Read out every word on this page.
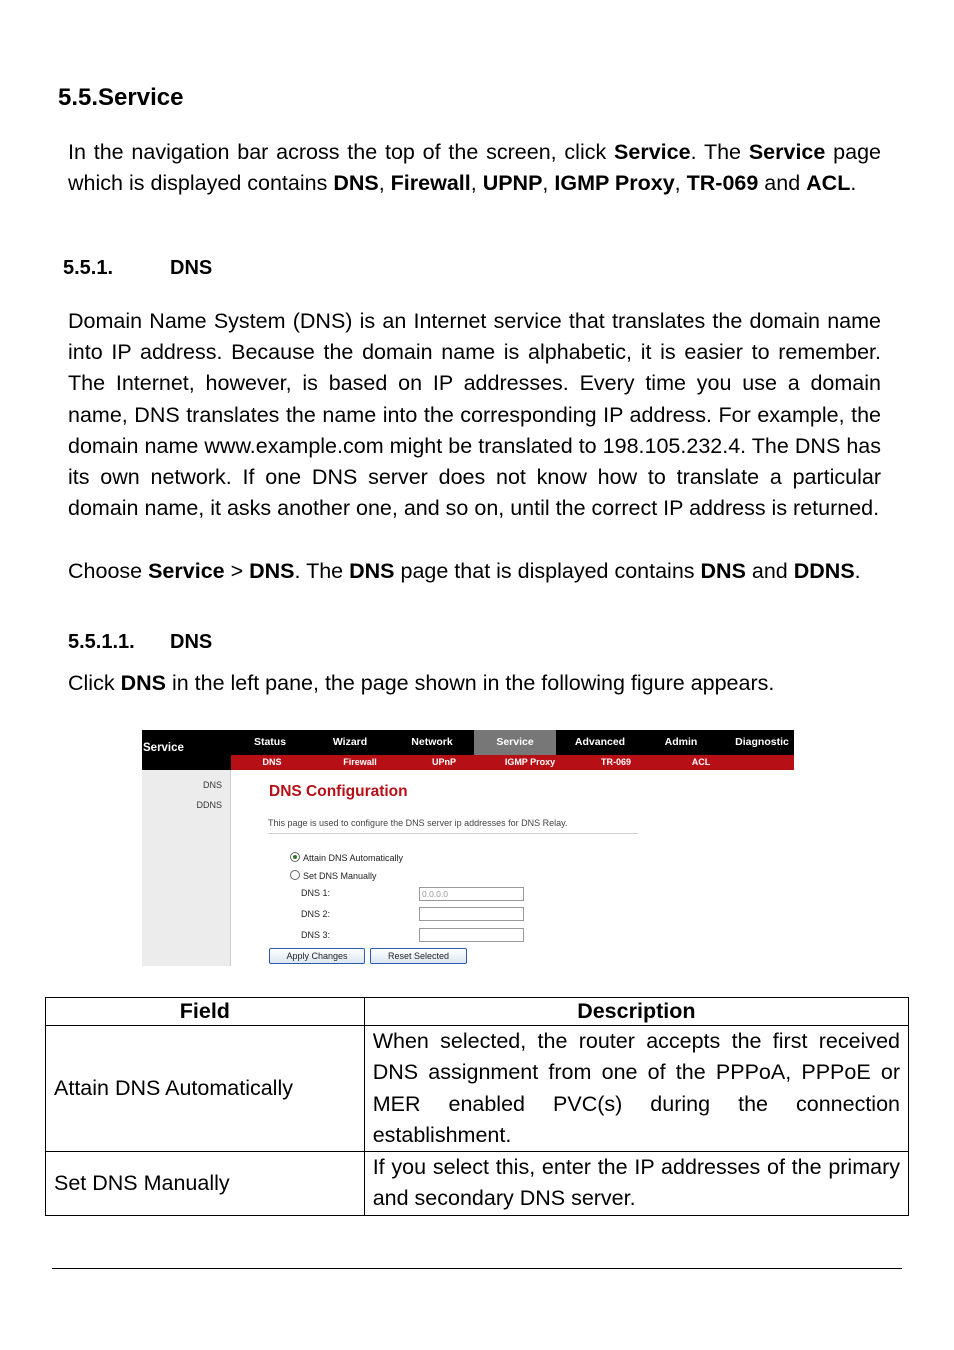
5.5.Service
In the navigation bar across the top of the screen, click Service. The Service page which is displayed contains DNS, Firewall, UPNP, IGMP Proxy, TR-069 and ACL.
5.5.1.	DNS
Domain Name System (DNS) is an Internet service that translates the domain name into IP address. Because the domain name is alphabetic, it is easier to remember. The Internet, however, is based on IP addresses. Every time you use a domain name, DNS translates the name into the corresponding IP address. For example, the domain name www.example.com might be translated to 198.105.232.4. The DNS has its own network. If one DNS server does not know how to translate a particular domain name, it asks another one, and so on, until the correct IP address is returned.
Choose Service > DNS. The DNS page that is displayed contains DNS and DDNS.
5.5.1.1. DNS
Click DNS in the left pane, the page shown in the following figure appears.
Service	Status	Wizard	Network	Service	Advanced	Admin	Diagnostic
DNS	Firewall	UPnP	IGMP Proxy	TR-069	ACL
DNS
DDNS
DNS Configuration
This page is used to configure the DNS server ip addresses for DNS Relay.
Attain DNS Automatically
Set DNS Manually
DNS 1:	0.0.0.0
DNS 2:
DNS 3:
Apply Changes	Reset Selected
Field	Description
Attain DNS Automatically	When selected, the router accepts the first received DNS assignment from one of the PPPoA, PPPoE or MER enabled PVC(s) during the connection establishment.
Set DNS Manually	If you select this, enter the IP addresses of the primary and secondary DNS server.
